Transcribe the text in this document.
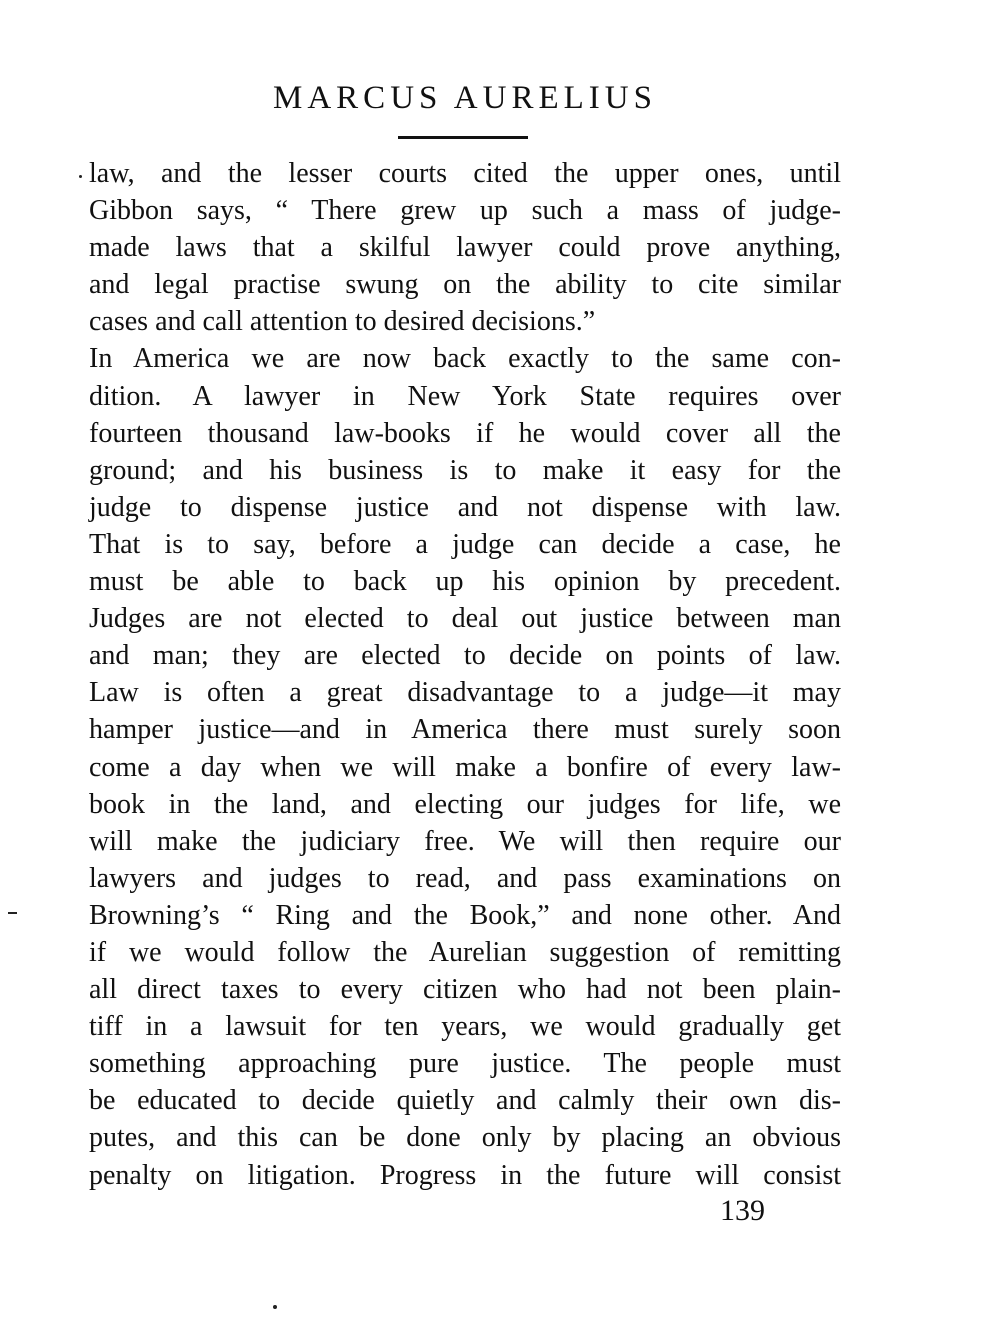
MARCUS AURELIUS
law, and the lesser courts cited the upper ones, until
Gibbon says, “ There grew up such a mass of judge-
made laws that a skilful lawyer could prove anything,
and legal practise swung on the ability to cite similar
cases and call attention to desired decisions.”
In America we are now back exactly to the same con-
dition. A lawyer in New York State requires over
fourteen thousand law-books if he would cover all the
ground; and his business is to make it easy for the
judge to dispense justice and not dispense with law.
That is to say, before a judge can decide a case, he
must be able to back up his opinion by precedent.
Judges are not elected to deal out justice between man
and man; they are elected to decide on points of law.
Law is often a great disadvantage to a judge—it may
hamper justice—and in America there must surely soon
come a day when we will make a bonfire of every law-
book in the land, and electing our judges for life, we
will make the judiciary free. We will then require our
lawyers and judges to read, and pass examinations on
Browning’s “ Ring and the Book,” and none other. And
if we would follow the Aurelian suggestion of remitting
all direct taxes to every citizen who had not been plain-
tiff in a lawsuit for ten years, we would gradually get
something approaching pure justice. The people must
be educated to decide quietly and calmly their own dis-
putes, and this can be done only by placing an obvious
penalty on litigation. Progress in the future will consist
139
